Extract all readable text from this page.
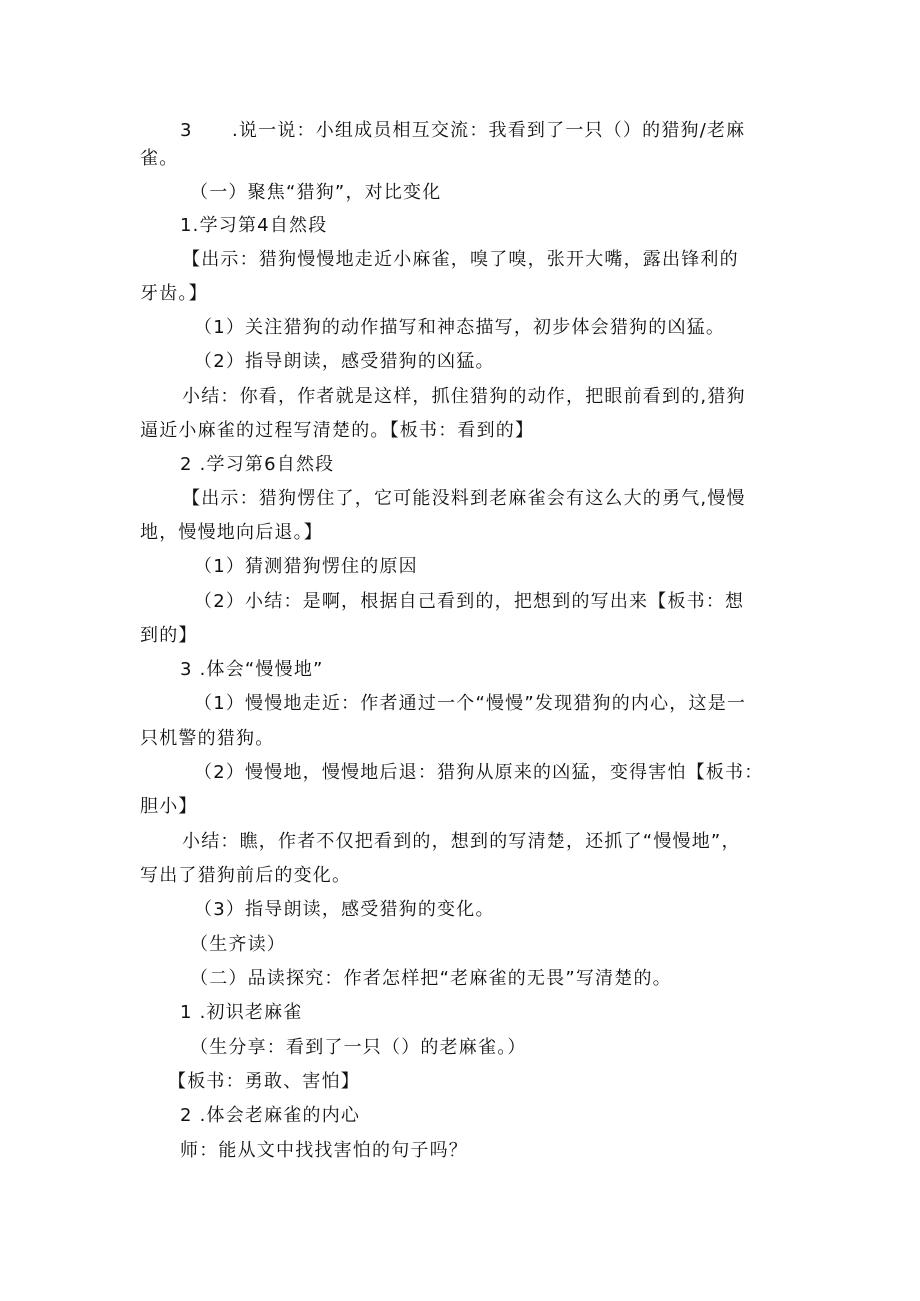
3 .说一说：小组成员相互交流：我看到了一只（）的猎狗/老麻
雀。
（一）聚焦“猎狗”，对比变化
1.学习第4自然段
【出示：猎狗慢慢地走近小麻雀，嗅了嗅，张开大嘴，露出锋利的
牙齿。】
（1）关注猎狗的动作描写和神态描写，初步体会猎狗的凶猛。
（2）指导朗读，感受猎狗的凶猛。
小结：你看，作者就是这样，抓住猎狗的动作，把眼前看到的,猎狗
逼近小麻雀的过程写清楚的。【板书：看到的】
2 .学习第6自然段
【出示：猎狗愣住了，它可能没料到老麻雀会有这么大的勇气,慢慢
地，慢慢地向后退。】
（1）猜测猎狗愣住的原因
（2）小结：是啊，根据自己看到的，把想到的写出来【板书：想
到的】
3 .体会“慢慢地”
（1）慢慢地走近：作者通过一个“慢慢”发现猎狗的内心，这是一
只机警的猎狗。
（2）慢慢地，慢慢地后退：猎狗从原来的凶猛，变得害怕【板书：
胆小】
小结：瞧，作者不仅把看到的，想到的写清楚，还抓了“慢慢地”，
写出了猎狗前后的变化。
（3）指导朗读，感受猎狗的变化。
（生齐读）
（二）品读探究：作者怎样把“老麻雀的无畏”写清楚的。
1 .初识老麻雀
（生分享：看到了一只（）的老麻雀。）
【板书：勇敢、害怕】
2 .体会老麻雀的内心
师：能从文中找找害怕的句子吗？
